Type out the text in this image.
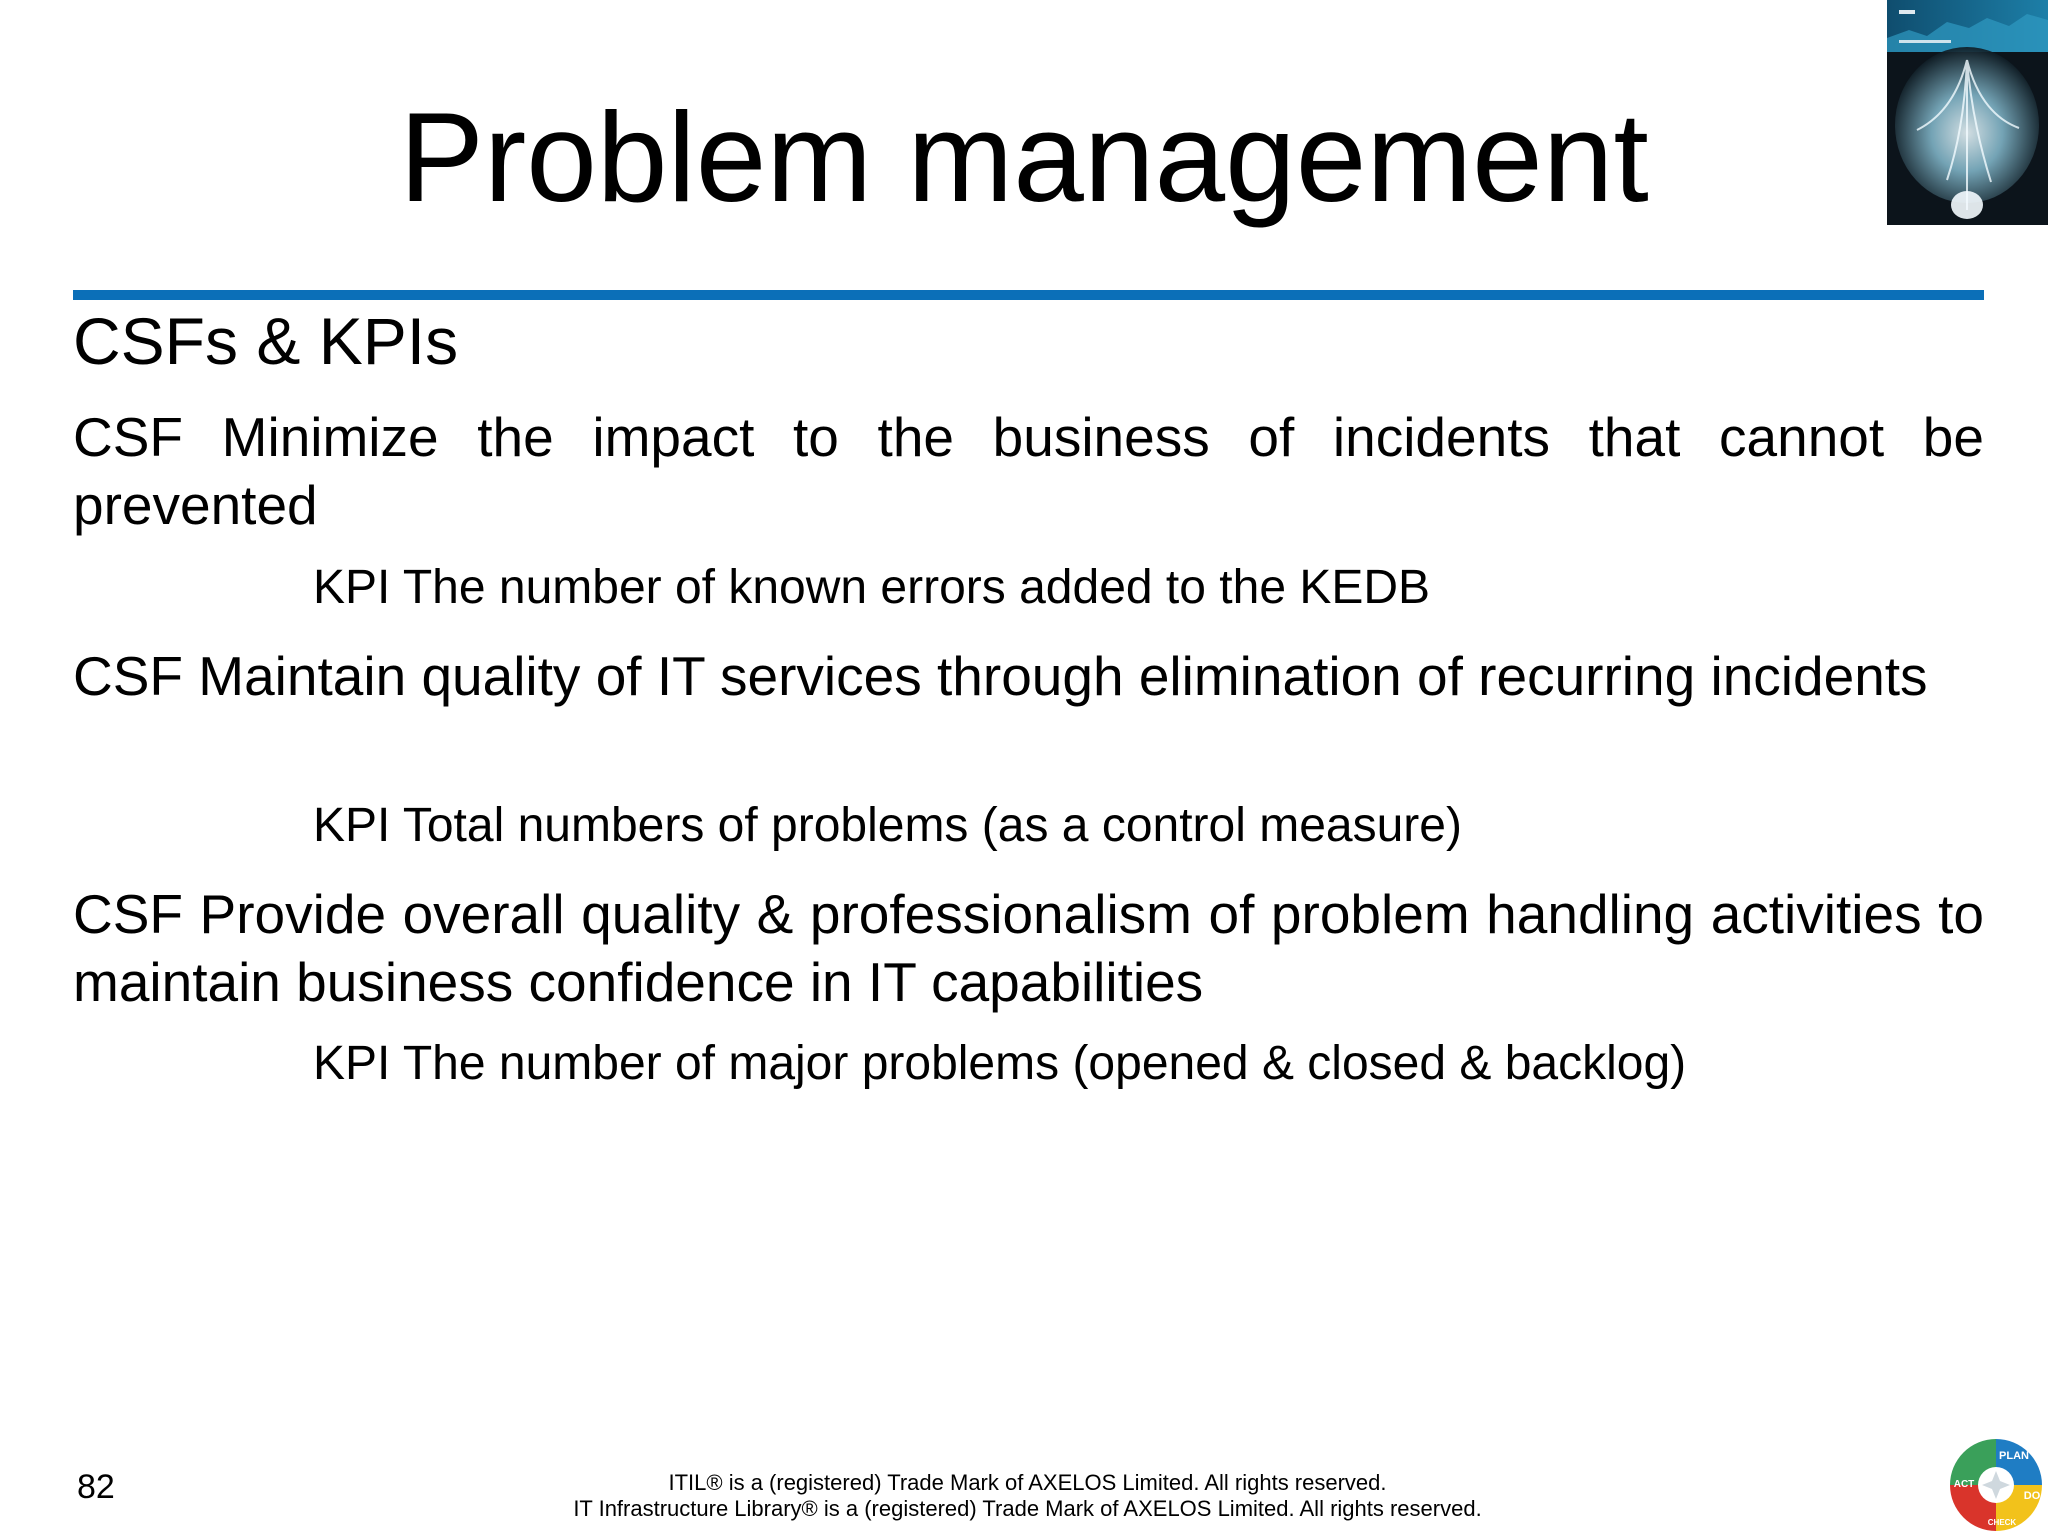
Problem management
CSFs & KPIs

CSF Minimize the impact to the business of incidents that cannot be prevented

KPI The number of known errors added to the KEDB

CSF Maintain quality of IT services through elimination of recurring incidents

KPI Total numbers of problems (as a control measure)

CSF Provide overall quality & professionalism of problem handling activities to maintain business confidence in IT capabilities

KPI The number of major problems (opened & closed & backlog)

82	ITIL® is a (registered) Trade Mark of AXELOS Limited. All rights reserved.
IT Infrastructure Library® is a (registered) Trade Mark of AXELOS Limited. All rights reserved.
PLAN
DO
CHECK
ACT
